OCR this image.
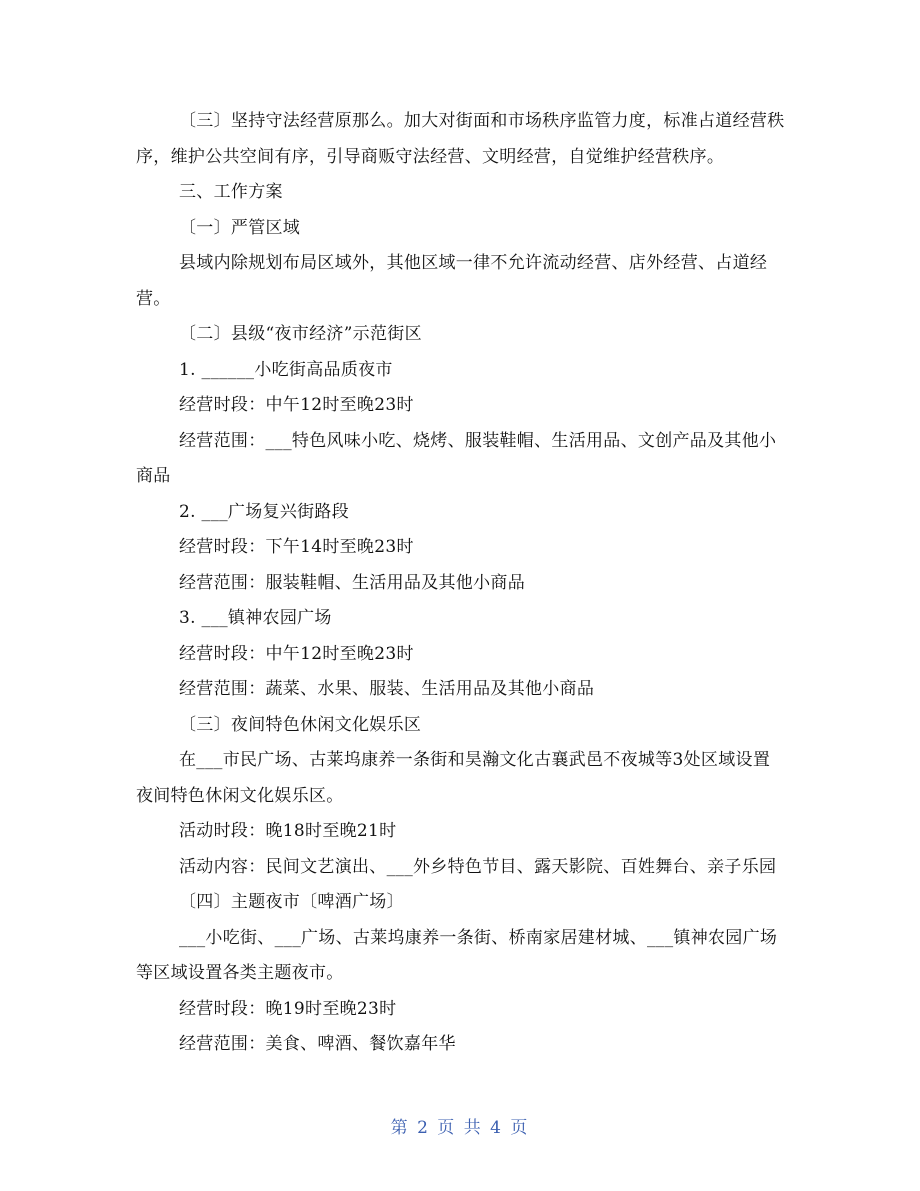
〔三〕坚持守法经营原那么。加大对街面和市场秩序监管力度，标准占道经营秩序，维护公共空间有序，引导商贩守法经营、文明经营，自觉维护经营秩序。

三、工作方案

〔一〕严管区域

县域内除规划布局区域外，其他区域一律不允许流动经营、店外经营、占道经营。

〔二〕县级“夜市经济”示范街区

1. ______小吃街高品质夜市

经营时段：中午12时至晚23时

经营范围：___特色风味小吃、烧烤、服装鞋帽、生活用品、文创产品及其他小商品

2. ___广场复兴街路段

经营时段：下午14时至晚23时

经营范围：服装鞋帽、生活用品及其他小商品

3. ___镇神农园广场

经营时段：中午12时至晚23时

经营范围：蔬菜、水果、服装、生活用品及其他小商品

〔三〕夜间特色休闲文化娱乐区

在___市民广场、古莱坞康养一条街和昊瀚文化古襄武邑不夜城等3处区域设置夜间特色休闲文化娱乐区。

活动时段：晚18时至晚21时

活动内容：民间文艺演出、___外乡特色节目、露天影院、百姓舞台、亲子乐园

〔四〕主题夜市〔啤酒广场〕

___小吃街、___广场、古莱坞康养一条街、桥南家居建材城、___镇神农园广场等区域设置各类主题夜市。

经营时段：晚19时至晚23时

经营范围：美食、啤酒、餐饮嘉年华

第 2 页 共 4 页
